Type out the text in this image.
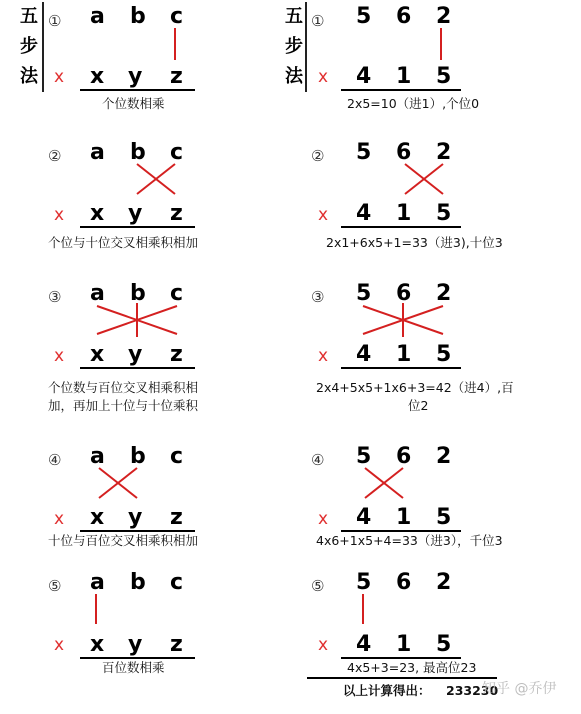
五
步
法
五
步
法
① a b c
x x y z
个位数相乘
① 5 6 2
x 4 1 5
2x5=10（进1）,个位0
② a b c
x x y z
个位与十位交叉相乘积相加
② 5 6 2
x 4 1 5
2x1+6x5+1=33（进3),十位3
③ a b c
x x y z
个位数与百位交叉相乘积相
加，再加上十位与十位乘积
③ 5 6 2
x 4 1 5
2x4+5x5+1x6+3=42（进4）,百
位2
④ a b c
x x y z
十位与百位交叉相乘积相加
④ 5 6 2
x 4 1 5
4x6+1x5+4=33（进3），千位3
⑤ a b c
x x y z
百位数相乘
⑤ 5 6 2
x 4 1 5
4x5+3=23, 最高位23
以上计算得出： 233230
知乎 @乔伊
